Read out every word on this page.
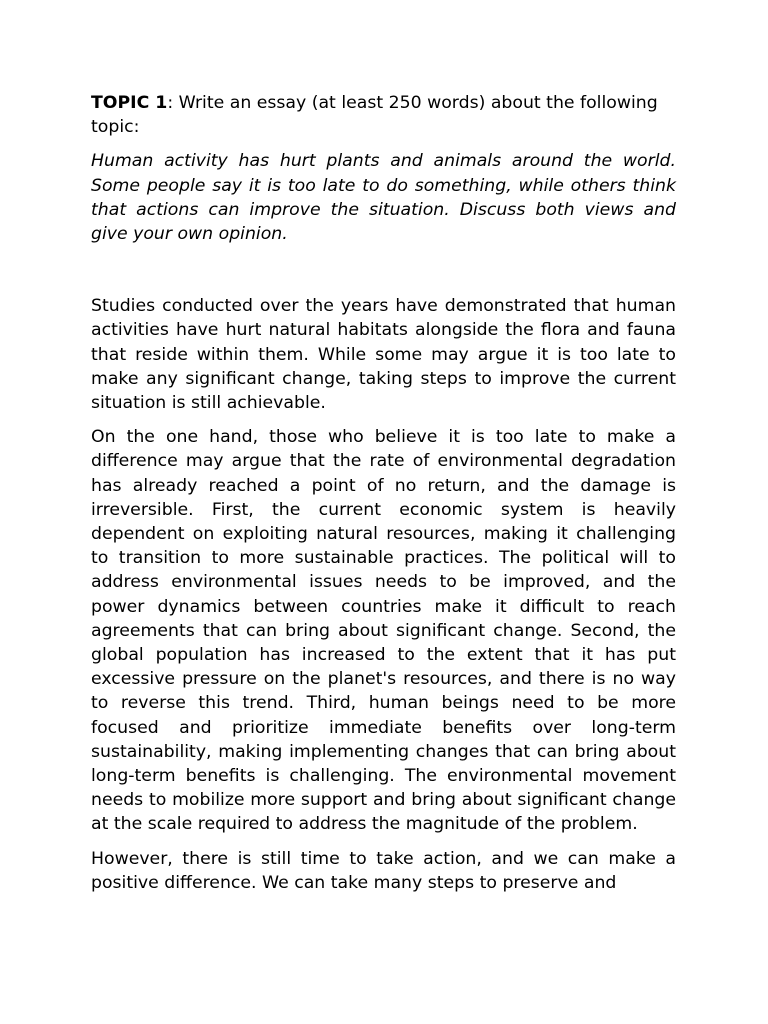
TOPIC 1: Write an essay (at least 250 words) about the following topic:

Human activity has hurt plants and animals around the world. Some people say it is too late to do something, while others think that actions can improve the situation. Discuss both views and give your own opinion.

Studies conducted over the years have demonstrated that human activities have hurt natural habitats alongside the flora and fauna that reside within them. While some may argue it is too late to make any significant change, taking steps to improve the current situation is still achievable.

On the one hand, those who believe it is too late to make a difference may argue that the rate of environmental degradation has already reached a point of no return, and the damage is irreversible. First, the current economic system is heavily dependent on exploiting natural resources, making it challenging to transition to more sustainable practices. The political will to address environmental issues needs to be improved, and the power dynamics between countries make it difficult to reach agreements that can bring about significant change. Second, the global population has increased to the extent that it has put excessive pressure on the planet's resources, and there is no way to reverse this trend. Third, human beings need to be more focused and prioritize immediate benefits over long-term sustainability, making implementing changes that can bring about long-term benefits is challenging. The environmental movement needs to mobilize more support and bring about significant change at the scale required to address the magnitude of the problem.

However, there is still time to take action, and we can make a positive difference. We can take many steps to preserve and
